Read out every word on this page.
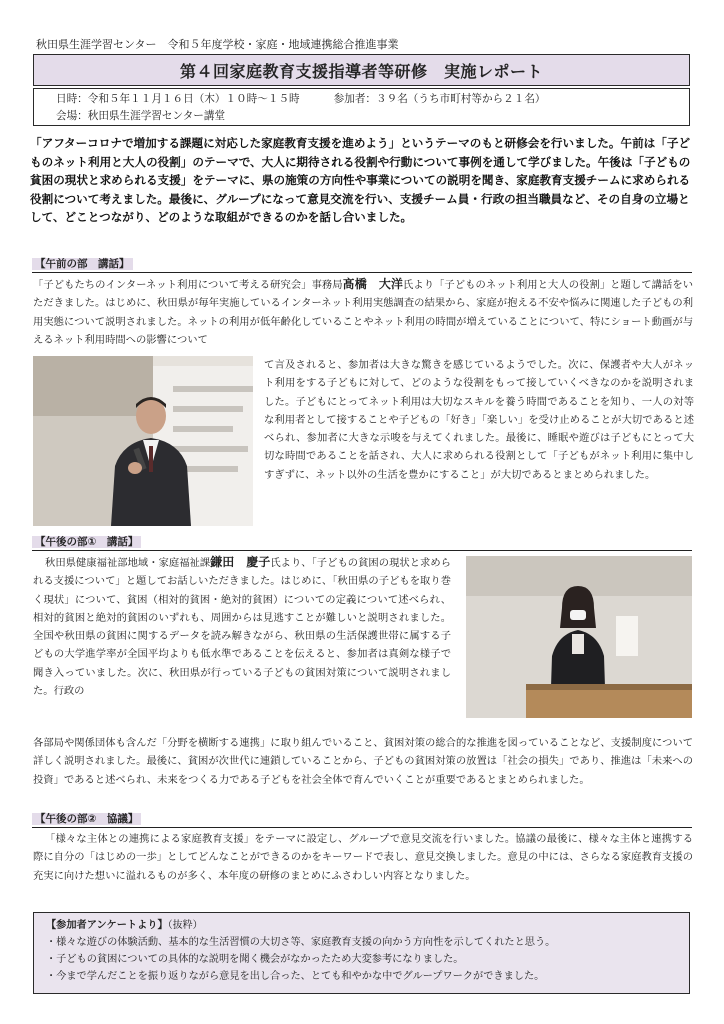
秋田県生涯学習センター　令和５年度学校・家庭・地域連携総合推進事業
第４回家庭教育支援指導者等研修　実施レポート
日時： 令和５年１１月１６日（木）１０時～１５時	参加者： ３９名（うち市町村等から２１名）
会場： 秋田県生涯学習センター講堂
「アフターコロナで増加する課題に対応した家庭教育支援を進めよう」というテーマのもと研修会を行いました。午前は「子どものネット利用と大人の役割」のテーマで、大人に期待される役割や行動について事例を通して学びました。午後は「子どもの貧困の現状と求められる支援」をテーマに、県の施策の方向性や事業についての説明を聞き、家庭教育支援チームに求められる役割について考えました。最後に、グループになって意見交流を行い、支援チーム員・行政の担当職員など、その自身の立場として、どことつながり、どのような取組ができるのかを話し合いました。
【午前の部　講話】
「子どもたちのインターネット利用について考える研究会」事務局髙橋　大洋氏より「子どものネット利用と大人の役割」と題して講話をいただきました。はじめに、秋田県が毎年実施しているインターネット利用実態調査の結果から、家庭が抱える不安や悩みに関連した子どもの利用実態について説明されました。ネットの利用が低年齢化していることやネット利用の時間が増えていることについて、特にショート動画が与えるネット利用時間への影響について
て言及されると、参加者は大きな驚きを感じているようでした。次に、保護者や大人がネット利用をする子どもに対して、どのような役割をもって接していくべきなのかを説明されました。子どもにとってネット利用は大切なスキルを養う時間であることを知り、一人の対等な利用者として接することや子どもの「好き」「楽しい」を受け止めることが大切であると述べられ、参加者に大きな示唆を与えてくれました。最後に、睡眠や遊びは子どもにとって大切な時間であることを話され、大人に求められる役割として「子どもがネット利用に集中しすぎずに、ネット以外の生活を豊かにすること」が大切であるとまとめられました。
【午後の部①　講話】
秋田県健康福祉部地域・家庭福祉課鎌田　慶子氏より、「子どもの貧困の現状と求められる支援について」と題してお話しいただきました。はじめに、「秋田県の子どもを取り巻く現状」について、貧困（相対的貧困・絶対的貧困）についての定義について述べられ、相対的貧困と絶対的貧困のいずれも、周囲からは見逃すことが難しいと説明されました。全国や秋田県の貧困に関するデータを読み解きながら、秋田県の生活保護世帯に属する子どもの大学進学率が全国平均よりも低水準であることを伝えると、参加者は真剣な様子で聞き入っていました。次に、秋田県が行っている子どもの貧困対策について説明されました。行政の
各部局や関係団体も含んだ「分野を横断する連携」に取り組んでいること、貧困対策の総合的な推進を図っていることなど、支援制度について詳しく説明されました。最後に、貧困が次世代に連鎖していることから、子どもの貧困対策の放置は「社会の損失」であり、推進は「未来への投資」であると述べられ、未来をつくる力である子どもを社会全体で育んでいくことが重要であるとまとめられました。
【午後の部②　協議】
「様々な主体との連携による家庭教育支援」をテーマに設定し、グループで意見交流を行いました。協議の最後に、様々な主体と連携する際に自分の「はじめの一歩」としてどんなことができるのかをキーワードで表し、意見交換しました。意見の中には、さらなる家庭教育支援の充実に向けた想いに溢れるものが多く、本年度の研修のまとめにふさわしい内容となりました。
【参加者アンケートより】（抜粋）
・様々な遊びの体験活動、基本的な生活習慣の大切さ等、家庭教育支援の向かう方向性を示してくれたと思う。
・子どもの貧困についての具体的な説明を聞く機会がなかったため大変参考になりました。
・今まで学んだことを振り返りながら意見を出し合った、とても和やかな中でグループワークができました。
